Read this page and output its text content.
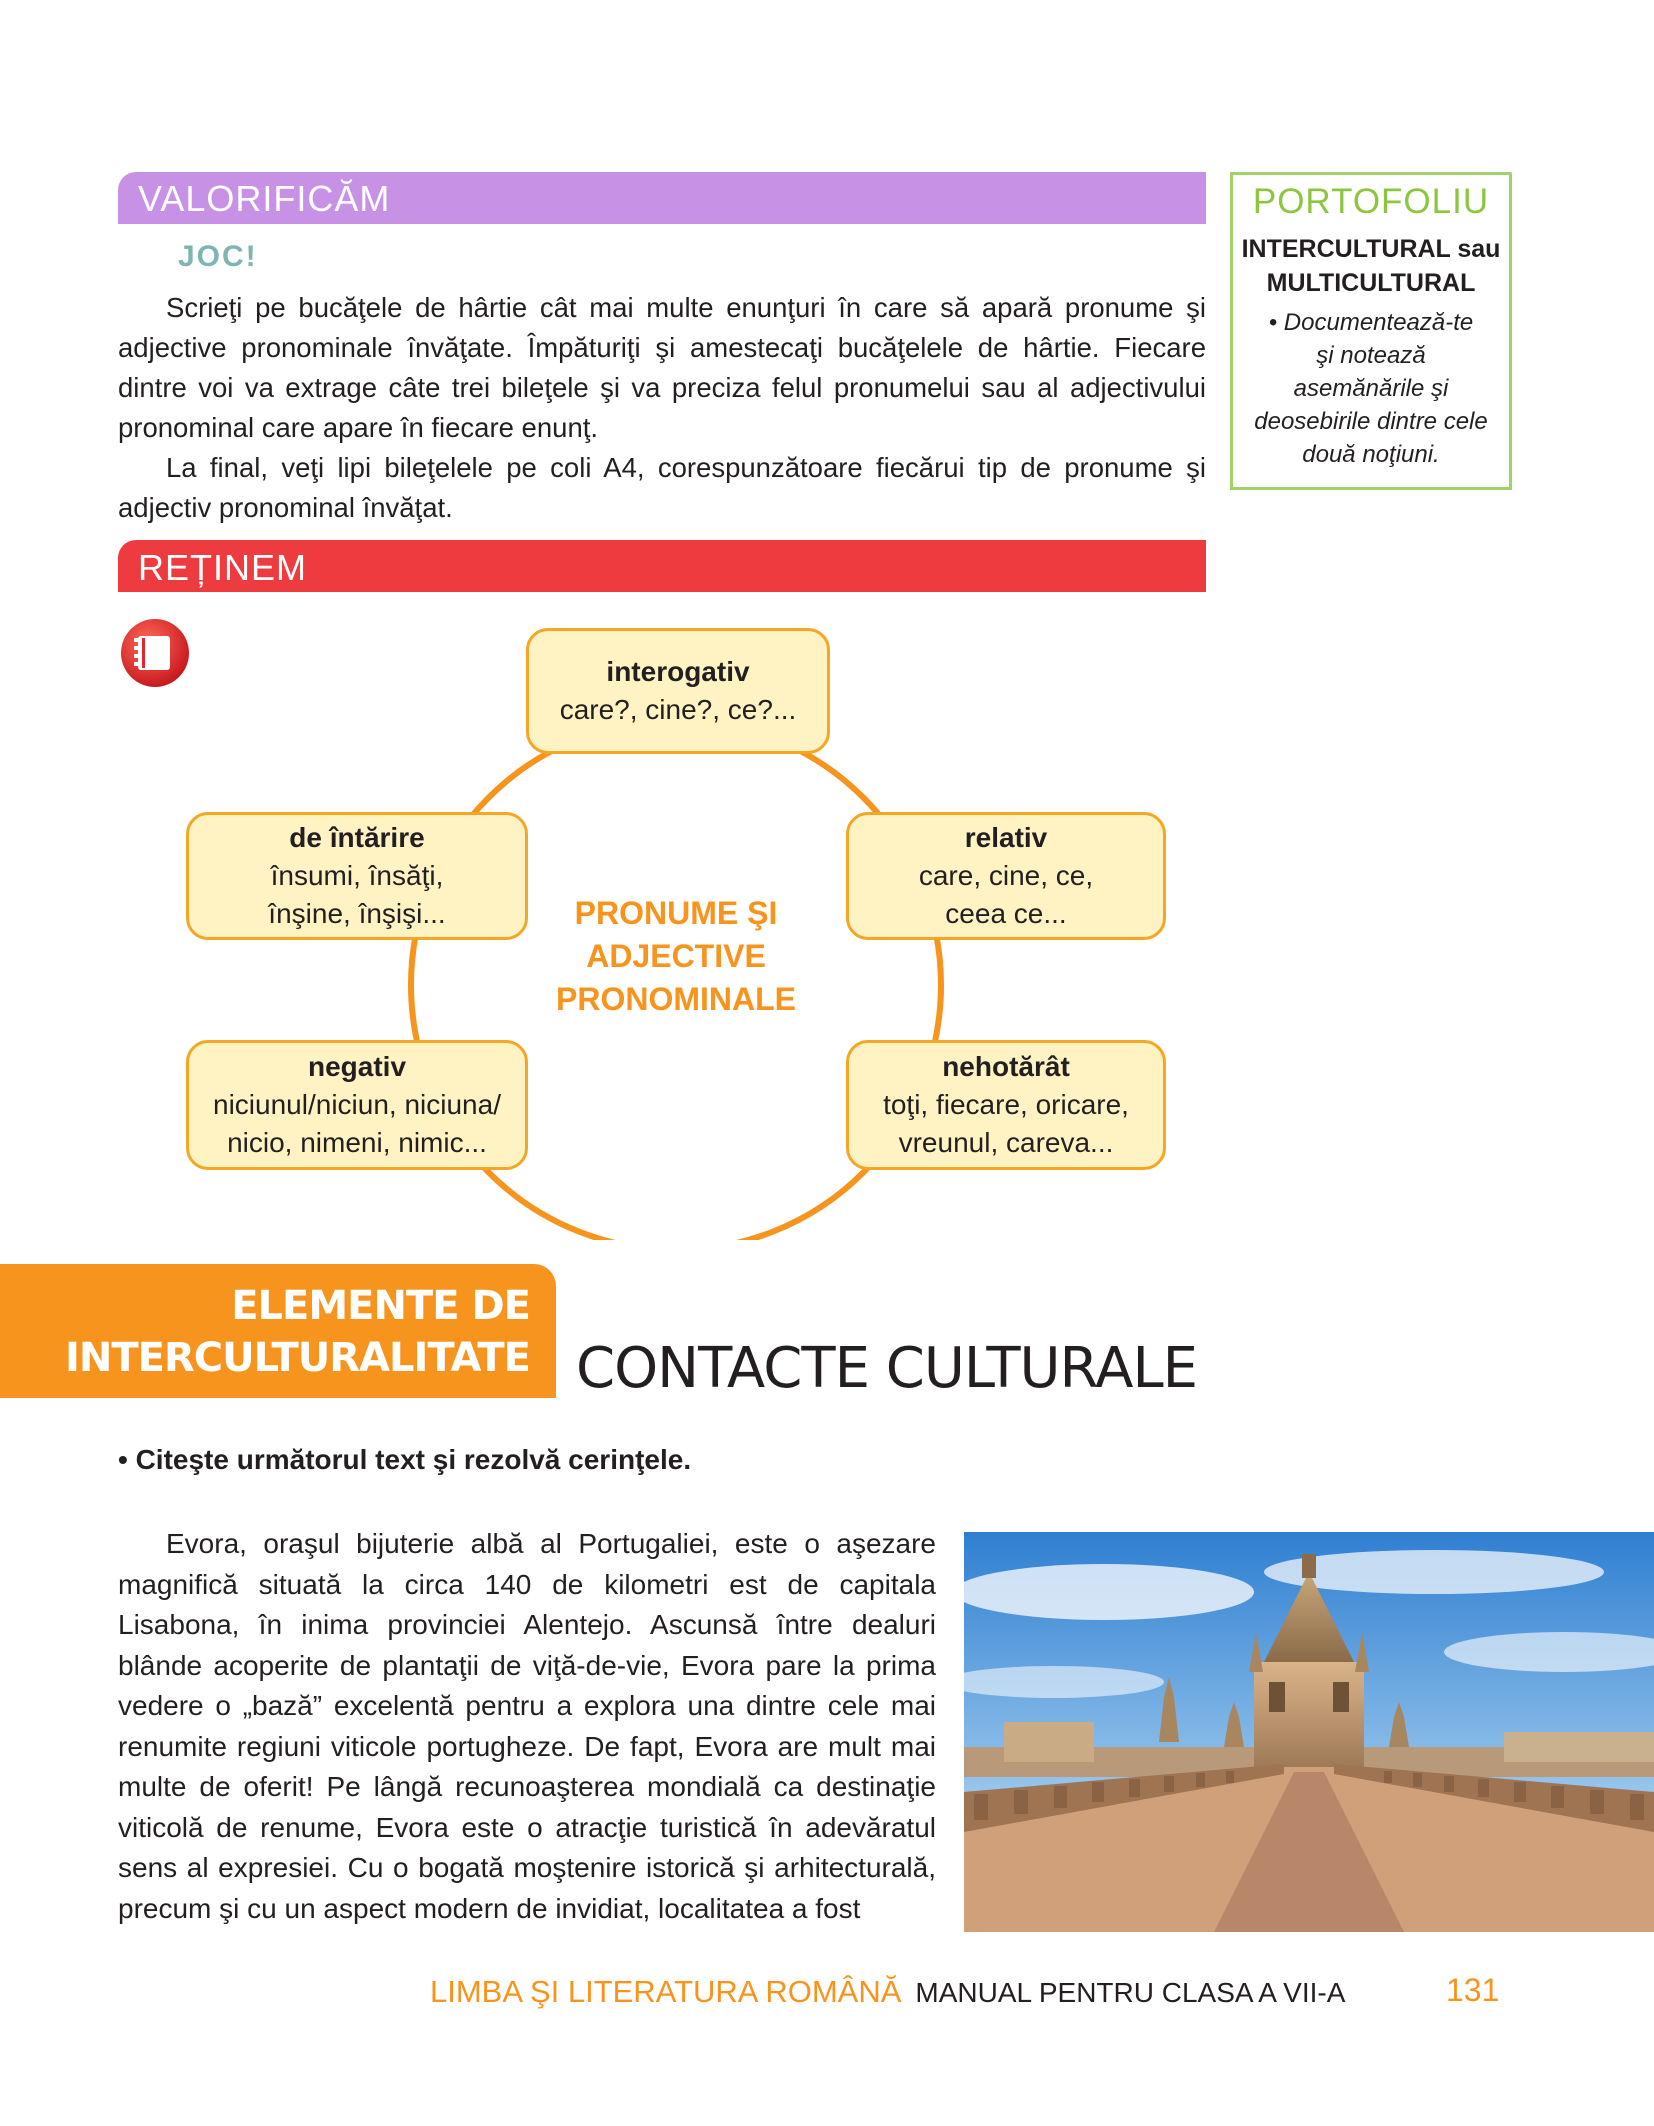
VALORIFICĂM
JOC!

Scrieţi pe bucăţele de hârtie cât mai multe enunţuri în care să apară pronume şi adjective pronominale învăţate. Împăturiţi şi amestecaţi bucăţelele de hârtie. Fiecare dintre voi va extrage câte trei bileţele şi va preciza felul pronumelui sau al adjectivului pronominal care apare în fiecare enunţ.

La final, veţi lipi bileţelele pe coli A4, corespunzătoare fiecărui tip de pronume şi adjectiv pronominal învăţat.

PORTOFOLIU
INTERCULTURAL sau
MULTICULTURAL
• Documentează-te
şi notează
asemănările şi
deosebirile dintre cele
două noţiuni.
REȚINEM
interogativ
care?, cine?, ce?...
relativ
care, cine, ce,
ceea ce...
nehotărât
toţi, fiecare, oricare,
vreunul, careva...
negativ
niciunul/niciun, niciuna/
nicio, nimeni, nimic...
de întărire
însumi, însăţi,
înşine, înşişi...	PRONUME ŞI
ADJECTIVE
PRONOMINALE
ELEMENTE DE
INTERCULTURALITATE CONTACTE CULTURALE
• Citeşte următorul text şi rezolvă cerinţele.

Evora, oraşul bijuterie albă al Portugaliei, este o aşezare magnifică situată la circa 140 de kilometri est de capitala Lisabona, în inima provinciei Alentejo. Ascunsă între dealuri blânde acoperite de plantaţii de viţă-de-vie, Evora pare la prima vedere o „bază” excelentă pentru a explora una dintre cele mai renumite regiuni viticole portugheze. De fapt, Evora are mult mai multe de oferit! Pe lângă recunoaşterea mondială ca destinaţie viticolă de renume, Evora este o atracţie turistică în adevăratul sens al expresiei. Cu o bogată moştenire istorică şi arhitecturală, precum şi cu un aspect modern de invidiat, localitatea a fost

LIMBA ŞI LITERATURA ROMÂNĂ MANUAL PENTRU CLASA A VII-A	131
